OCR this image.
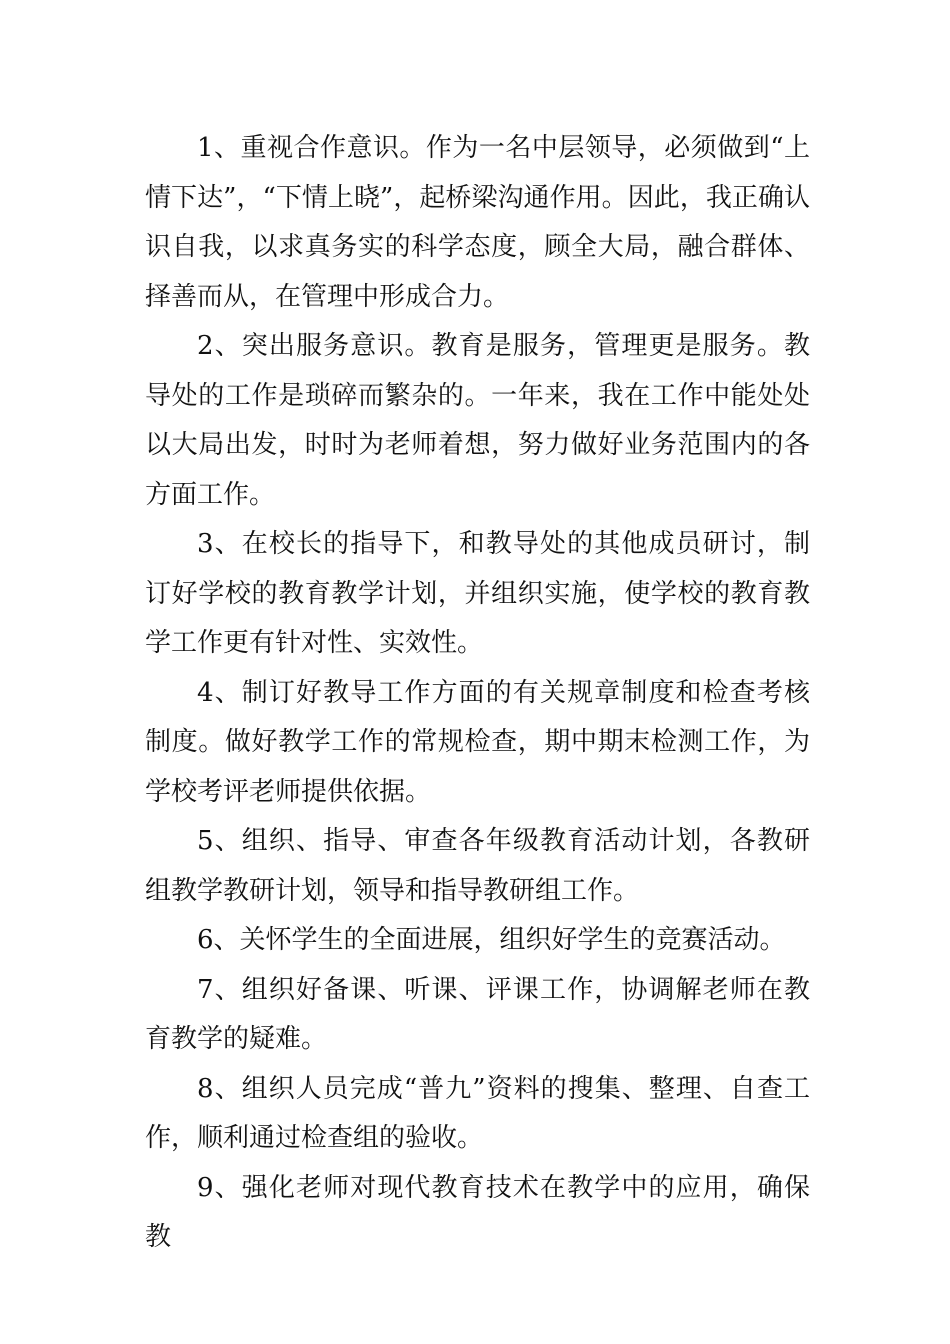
1、重视合作意识。作为一名中层领导，必须做到“上情下达”，“下情上晓”，起桥梁沟通作用。因此，我正确认识自我，以求真务实的科学态度，顾全大局，融合群体、择善而从，在管理中形成合力。

2、突出服务意识。教育是服务，管理更是服务。教导处的工作是琐碎而繁杂的。一年来，我在工作中能处处以大局出发，时时为老师着想，努力做好业务范围内的各方面工作。

3、在校长的指导下，和教导处的其他成员研讨，制订好学校的教育教学计划，并组织实施，使学校的教育教学工作更有针对性、实效性。

4、制订好教导工作方面的有关规章制度和检查考核制度。做好教学工作的常规检查，期中期末检测工作，为学校考评老师提供依据。

5、组织、指导、审查各年级教育活动计划，各教研组教学教研计划，领导和指导教研组工作。

6、关怀学生的全面进展，组织好学生的竞赛活动。

7、组织好备课、听课、评课工作，协调解老师在教育教学的疑难。

8、组织人员完成“普九”资料的搜集、整理、自查工作，顺利通过检查组的验收。

9、强化老师对现代教育技术在教学中的应用，确保教
